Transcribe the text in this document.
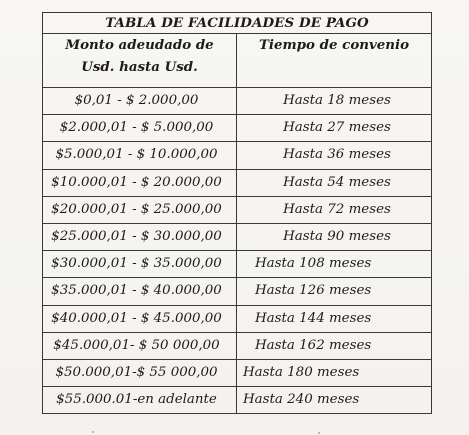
TABLA DE FACILIDADES DE PAGO	

Monto adeudado de
Usd. hasta Usd.	Tiempo de convenio
$0,01 - $ 2.000,00	Hasta 18 meses
$2.000,01 - $ 5.000,00	Hasta 27 meses
$5.000,01 - $ 10.000,00	Hasta 36 meses
$10.000,01 - $ 20.000,00	Hasta 54 meses
$20.000,01 - $ 25.000,00	Hasta 72 meses
$25.000,01 - $ 30.000,00	Hasta 90 meses
$30.000,01 - $ 35.000,00	Hasta 108 meses
$35.000,01 - $ 40.000,00	Hasta 126 meses
$40.000,01 - $ 45.000,00	Hasta 144 meses
$45.000,01- $ 50 000,00	Hasta 162 meses
$50.000,01-$ 55 000,00	Hasta 180 meses
$55.000.01-en adelante	Hasta 240 meses
